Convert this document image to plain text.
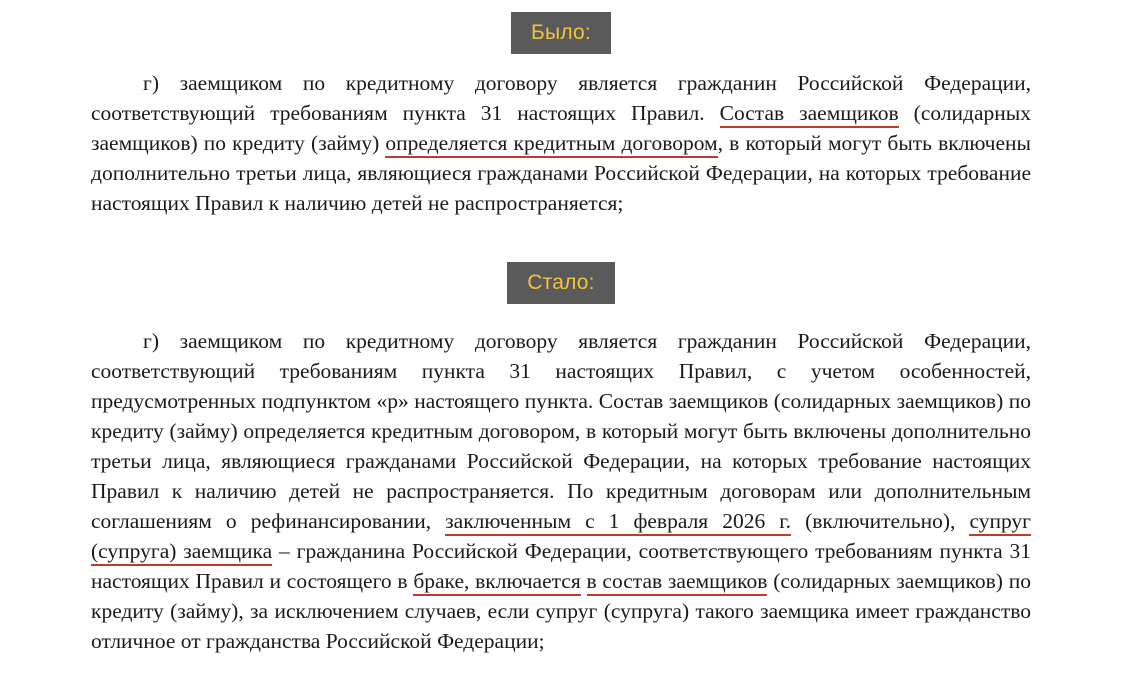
Было:

г) заемщиком по кредитному договору является гражданин Российской Федерации, соответствующий требованиям пункта 31 настоящих Правил. Состав заемщиков (солидарных заемщиков) по кредиту (займу) определяется кредитным договором, в который могут быть включены дополнительно третьи лица, являющиеся гражданами Российской Федерации, на которых требование настоящих Правил к наличию детей не распространяется;

Стало:

г) заемщиком по кредитному договору является гражданин Российской Федерации, соответствующий требованиям пункта 31 настоящих Правил, с учетом особенностей, предусмотренных подпунктом «р» настоящего пункта. Состав заемщиков (солидарных заемщиков) по кредиту (займу) определяется кредитным договором, в который могут быть включены дополнительно третьи лица, являющиеся гражданами Российской Федерации, на которых требование настоящих Правил к наличию детей не распространяется. По кредитным договорам или дополнительным соглашениям о рефинансировании, заключенным с 1 февраля 2026 г. (включительно), супруг (супруга) заемщика – гражданина Российской Федерации, соответствующего требованиям пункта 31 настоящих Правил и состоящего в браке, включается в состав заемщиков (солидарных заемщиков) по кредиту (займу), за исключением случаев, если супруг (супруга) такого заемщика имеет гражданство отличное от гражданства Российской Федерации;
